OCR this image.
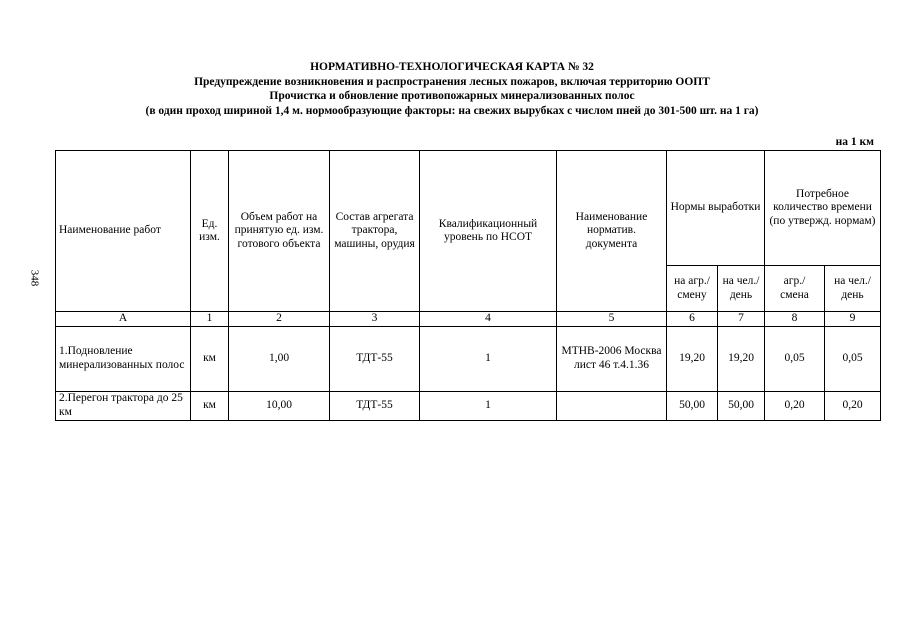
НОРМАТИВНО-ТЕХНОЛОГИЧЕСКАЯ КАРТА № 32
Предупреждение возникновения и распространения лесных пожаров, включая территорию ООПТ
Прочистка и обновление противопожарных минерализованных полос
(в один проход шириной 1,4 м. нормообразующие факторы: на свежих вырубках с числом пней до 301-500 шт. на 1 га)
на 1 км
348
Наименование работ	Ед. изм.	Объем работ на принятую ед. изм. готового объекта	Состав агрегата трактора, машины, орудия	Квалификационный уровень по НСОТ	Наименование норматив. документа	Нормы выработки		Потребное количество времени (по утвержд. нормам)	
						на агр./ смену	на чел./ день	агр./ смена	на чел./ день
А	1	2	3	4	5	6	7	8	9
1.Подновление минерализованных полос	км	1,00	ТДТ-55	1	МТНВ-2006 Москва лист 46 т.4.1.36	19,20	19,20	0,05	0,05
2.Перегон трактора до 25 км	км	10,00	ТДТ-55	1		50,00	50,00	0,20	0,20
